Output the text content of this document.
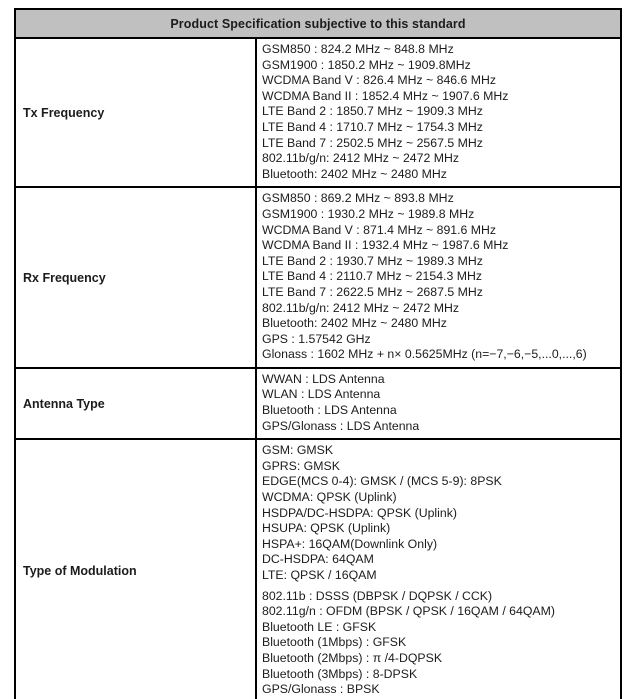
Product Specification subjective to this standard
Tx Frequency
GSM850 : 824.2 MHz ~ 848.8 MHz
GSM1900 : 1850.2 MHz ~ 1909.8MHz
WCDMA Band V : 826.4 MHz ~ 846.6 MHz
WCDMA Band II : 1852.4 MHz ~ 1907.6 MHz
LTE Band 2 : 1850.7 MHz ~ 1909.3 MHz
LTE Band 4 : 1710.7 MHz ~ 1754.3 MHz
LTE Band 7 : 2502.5 MHz ~ 2567.5 MHz
802.11b/g/n: 2412 MHz ~ 2472 MHz
Bluetooth: 2402 MHz ~ 2480 MHz
Rx Frequency
GSM850 : 869.2 MHz ~ 893.8 MHz
GSM1900 : 1930.2 MHz ~ 1989.8 MHz
WCDMA Band V : 871.4 MHz ~ 891.6 MHz
WCDMA Band II : 1932.4 MHz ~ 1987.6 MHz
LTE Band 2 : 1930.7 MHz ~ 1989.3 MHz
LTE Band 4 : 2110.7 MHz ~ 2154.3 MHz
LTE Band 7 : 2622.5 MHz ~ 2687.5 MHz
802.11b/g/n: 2412 MHz ~ 2472 MHz
Bluetooth: 2402 MHz ~ 2480 MHz
GPS : 1.57542 GHz
Glonass : 1602 MHz + n× 0.5625MHz (n=−7,−6,−5,...0,...,6)
Antenna Type
WWAN : LDS Antenna
WLAN : LDS Antenna
Bluetooth : LDS Antenna
GPS/Glonass : LDS Antenna
Type of Modulation
GSM: GMSK
GPRS: GMSK
EDGE(MCS 0-4): GMSK / (MCS 5-9): 8PSK
WCDMA: QPSK (Uplink)
HSDPA/DC-HSDPA: QPSK (Uplink)
HSUPA: QPSK (Uplink)
HSPA+: 16QAM(Downlink Only)
DC-HSDPA: 64QAM
LTE: QPSK / 16QAM
802.11b : DSSS (DBPSK / DQPSK / CCK)
802.11g/n : OFDM (BPSK / QPSK / 16QAM / 64QAM)
Bluetooth LE : GFSK
Bluetooth (1Mbps) : GFSK
Bluetooth (2Mbps) : π /4-DQPSK
Bluetooth (3Mbps) : 8-DPSK
GPS/Glonass : BPSK
